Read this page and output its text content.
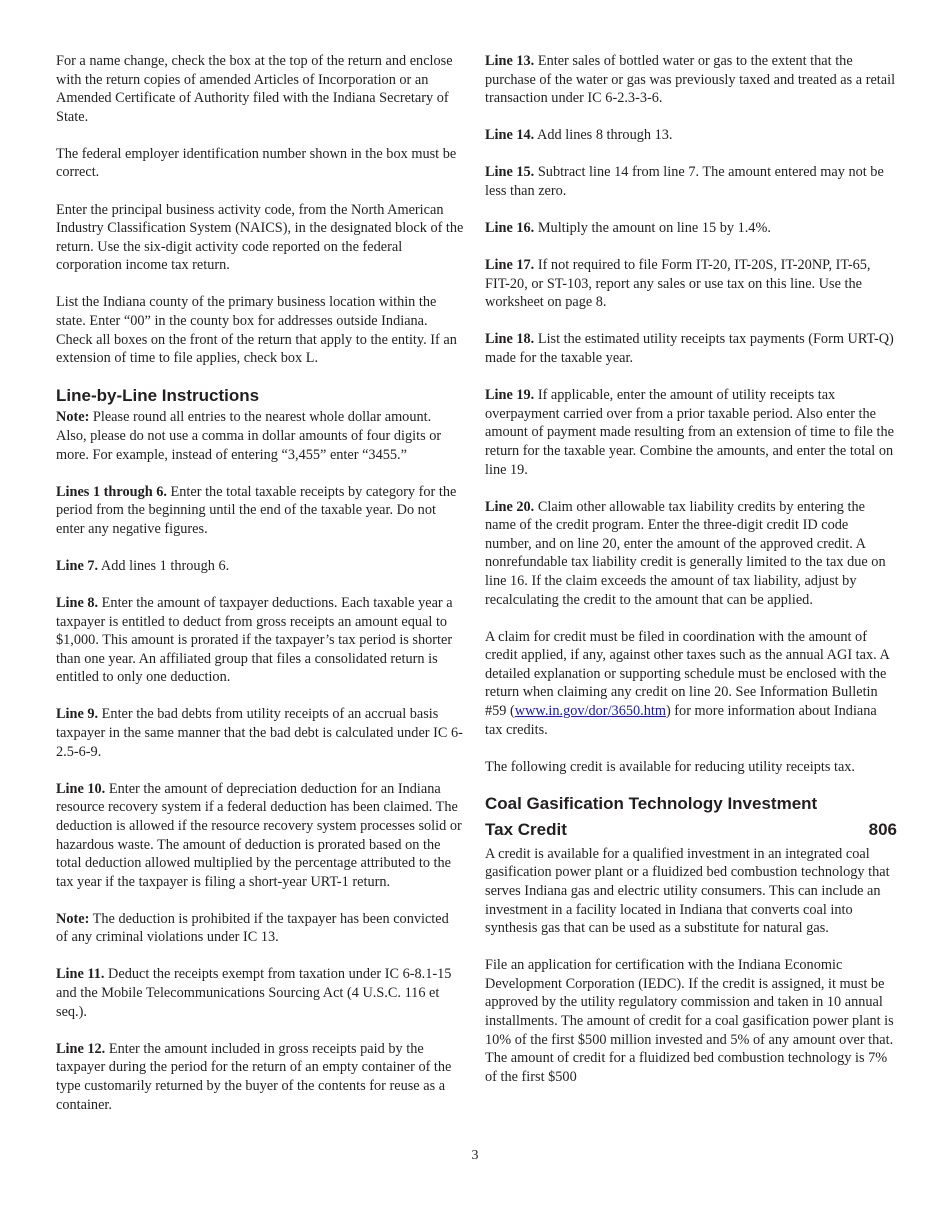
For a name change, check the box at the top of the return and enclose with the return copies of amended Articles of Incorporation or an Amended Certificate of Authority filed with the Indiana Secretary of State.

The federal employer identification number shown in the box must be correct.

Enter the principal business activity code, from the North American Industry Classification System (NAICS), in the designated block of the return. Use the six-digit activity code reported on the federal corporation income tax return.

List the Indiana county of the primary business location within the state. Enter “00” in the county box for addresses outside Indiana. Check all boxes on the front of the return that apply to the entity. If an extension of time to file applies, check box L.

Line-by-Line Instructions

Note: Please round all entries to the nearest whole dollar amount. Also, please do not use a comma in dollar amounts of four digits or more. For example, instead of entering “3,455” enter “3455.”

Lines 1 through 6. Enter the total taxable receipts by category for the period from the beginning until the end of the taxable year. Do not enter any negative figures.

Line 7. Add lines 1 through 6.

Line 8. Enter the amount of taxpayer deductions. Each taxable year a taxpayer is entitled to deduct from gross receipts an amount equal to $1,000. This amount is prorated if the taxpayer’s tax period is shorter than one year. An affiliated group that files a consolidated return is entitled to only one deduction.

Line 9. Enter the bad debts from utility receipts of an accrual basis taxpayer in the same manner that the bad debt is calculated under IC 6-2.5-6-9.

Line 10. Enter the amount of depreciation deduction for an Indiana resource recovery system if a federal deduction has been claimed. The deduction is allowed if the resource recovery system processes solid or hazardous waste. The amount of deduction is prorated based on the total deduction allowed multiplied by the percentage attributed to the tax year if the taxpayer is filing a short-year URT-1 return.

Note: The deduction is prohibited if the taxpayer has been convicted of any criminal violations under IC 13.

Line 11. Deduct the receipts exempt from taxation under IC 6-8.1-15 and the Mobile Telecommunications Sourcing Act (4 U.S.C. 116 et seq.).

Line 12. Enter the amount included in gross receipts paid by the taxpayer during the period for the return of an empty container of the type customarily returned by the buyer of the contents for reuse as a container.

Line 13. Enter sales of bottled water or gas to the extent that the purchase of the water or gas was previously taxed and treated as a retail transaction under IC 6-2.3-3-6.

Line 14. Add lines 8 through 13.

Line 15. Subtract line 14 from line 7. The amount entered may not be less than zero.

Line 16. Multiply the amount on line 15 by 1.4%.

Line 17. If not required to file Form IT-20, IT-20S, IT-20NP, IT-65, FIT-20, or ST-103, report any sales or use tax on this line. Use the worksheet on page 8.

Line 18. List the estimated utility receipts tax payments (Form URT-Q) made for the taxable year.

Line 19. If applicable, enter the amount of utility receipts tax overpayment carried over from a prior taxable period. Also enter the amount of payment made resulting from an extension of time to file the return for the taxable year. Combine the amounts, and enter the total on line 19.

Line 20. Claim other allowable tax liability credits by entering the name of the credit program. Enter the three-digit credit ID code number, and on line 20, enter the amount of the approved credit. A nonrefundable tax liability credit is generally limited to the tax due on line 16. If the claim exceeds the amount of tax liability, adjust by recalculating the credit to the amount that can be applied.

A claim for credit must be filed in coordination with the amount of credit applied, if any, against other taxes such as the annual AGI tax. A detailed explanation or supporting schedule must be enclosed with the return when claiming any credit on line 20. See Information Bulletin #59 (www.in.gov/dor/3650.htm) for more information about Indiana tax credits.

The following credit is available for reducing utility receipts tax.

Coal Gasification Technology Investment
Tax Credit	806

A credit is available for a qualified investment in an integrated coal gasification power plant or a fluidized bed combustion technology that serves Indiana gas and electric utility consumers. This can include an investment in a facility located in Indiana that converts coal into synthesis gas that can be used as a substitute for natural gas.

File an application for certification with the Indiana Economic Development Corporation (IEDC). If the credit is assigned, it must be approved by the utility regulatory commission and taken in 10 annual installments. The amount of credit for a coal gasification power plant is 10% of the first $500 million invested and 5% of any amount over that. The amount of credit for a fluidized bed combustion technology is 7% of the first $500

3
